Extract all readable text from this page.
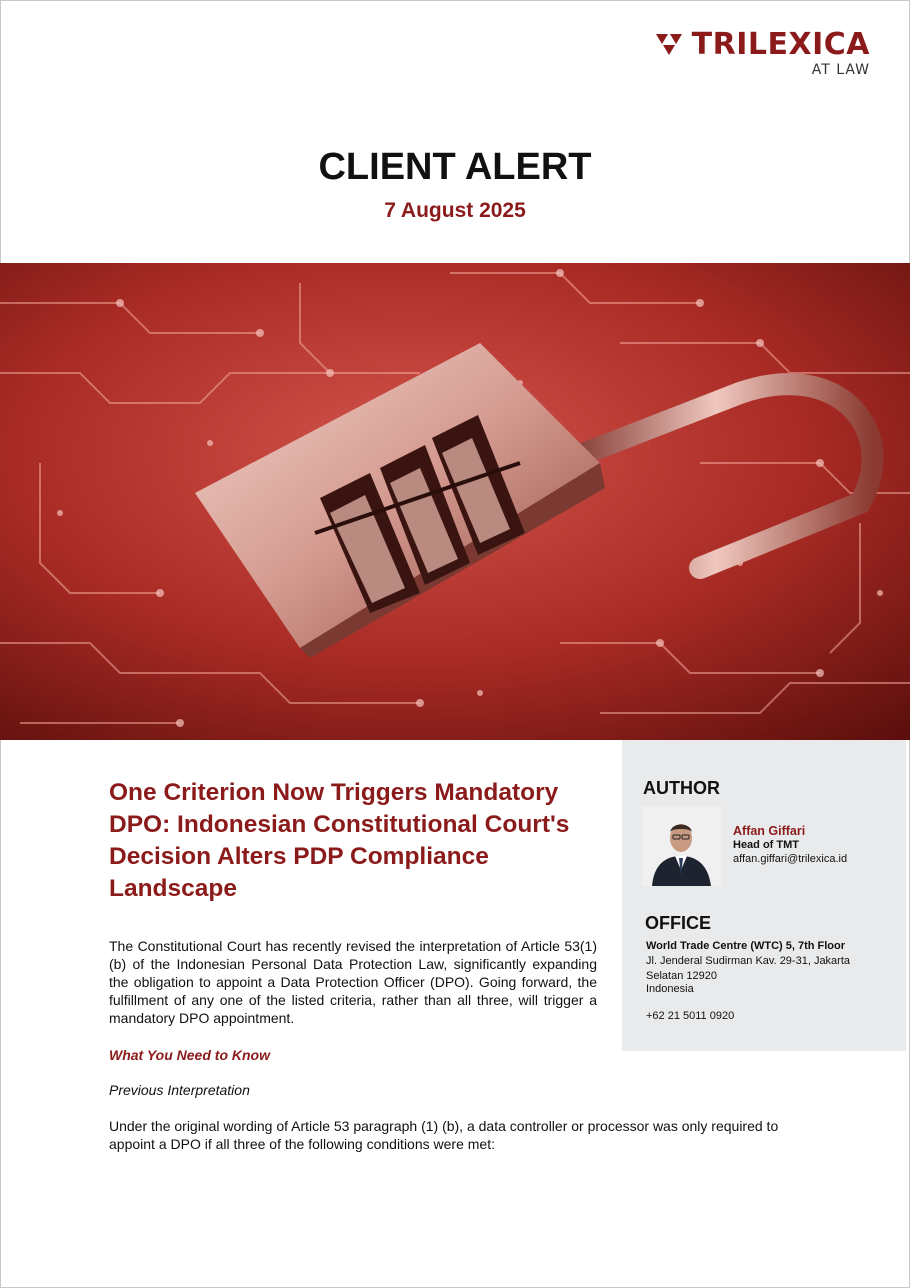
TRILEXICA
AT LAW
CLIENT ALERT
7 August 2025
AUTHOR
Affan Giffari
Head of TMT
affan.giffari@trilexica.id
OFFICE
World Trade Centre (WTC) 5, 7th Floor
Jl. Jenderal Sudirman Kav. 29-31, Jakarta Selatan 12920
Indonesia
+62 21 5011 0920
One Criterion Now Triggers Mandatory DPO: Indonesian Constitutional Court's Decision Alters PDP Compliance Landscape

The Constitutional Court has recently revised the interpretation of Article 53(1)(b) of the Indonesian Personal Data Protection Law, significantly expanding the obligation to appoint a Data Protection Officer (DPO). Going forward, the fulfillment of any one of the listed criteria, rather than all three, will trigger a mandatory DPO appointment.

What You Need to Know
Previous Interpretation

Under the original wording of Article 53 paragraph (1) (b), a data controller or processor was only required to appoint a DPO if all three of the following conditions were met:
